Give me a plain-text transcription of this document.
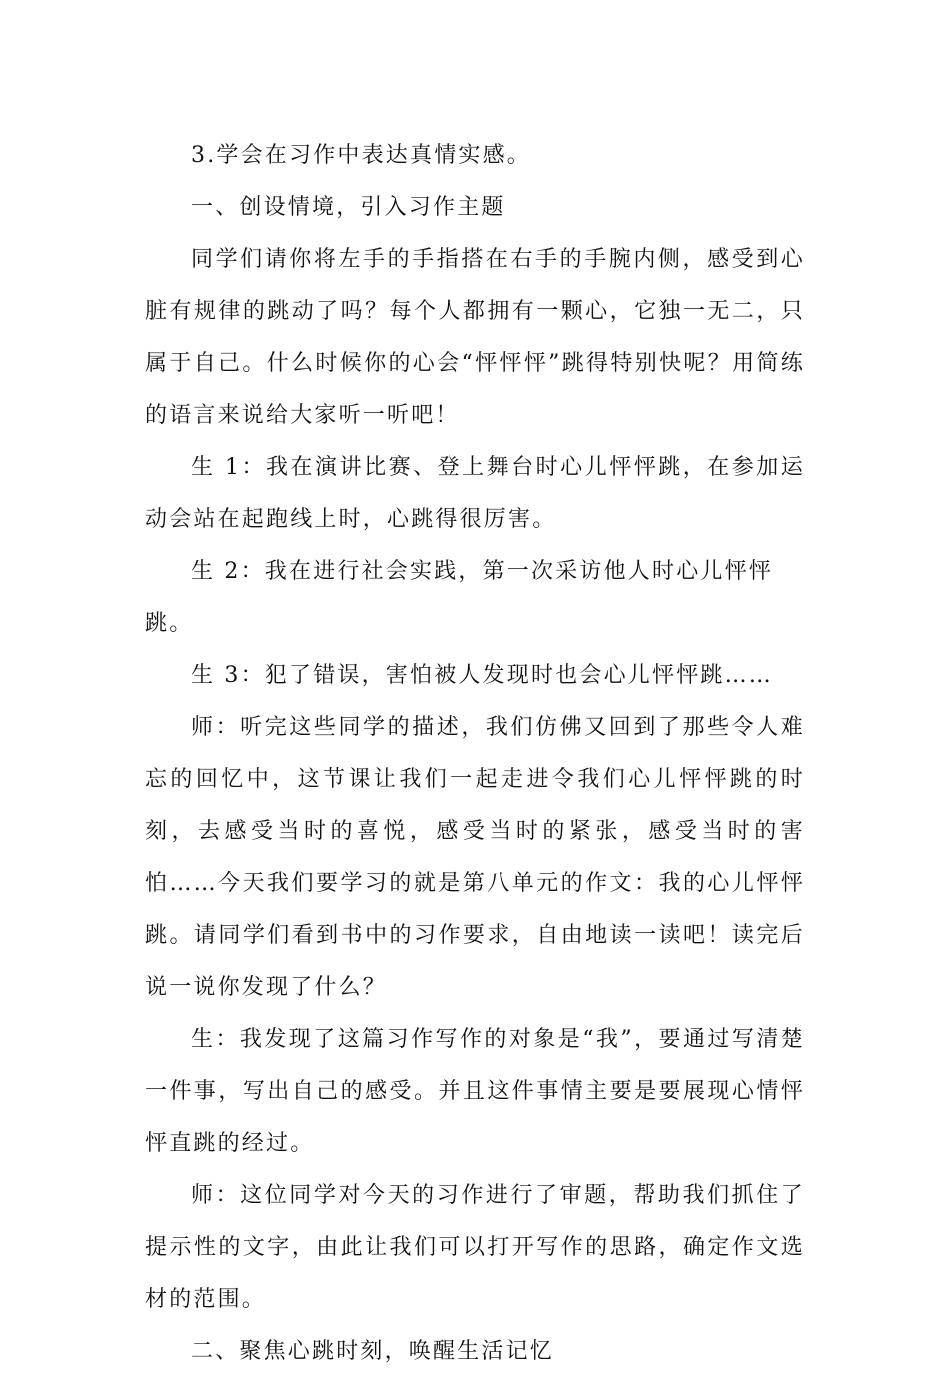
3.学会在习作中表达真情实感。

一、创设情境，引入习作主题

同学们请你将左手的手指搭在右手的手腕内侧，感受到心脏有规律的跳动了吗？每个人都拥有一颗心，它独一无二，只属于自己。什么时候你的心会“怦怦怦”跳得特别快呢？用简练的语言来说给大家听一听吧！

生 1：我在演讲比赛、登上舞台时心儿怦怦跳，在参加运动会站在起跑线上时，心跳得很厉害。

生 2：我在进行社会实践，第一次采访他人时心儿怦怦跳。

生 3：犯了错误，害怕被人发现时也会心儿怦怦跳……

师：听完这些同学的描述，我们仿佛又回到了那些令人难忘的回忆中，这节课让我们一起走进令我们心儿怦怦跳的时刻，去感受当时的喜悦，感受当时的紧张，感受当时的害怕……今天我们要学习的就是第八单元的作文：我的心儿怦怦跳。请同学们看到书中的习作要求，自由地读一读吧！读完后说一说你发现了什么？

生：我发现了这篇习作写作的对象是“我”，要通过写清楚一件事，写出自己的感受。并且这件事情主要是要展现心情怦怦直跳的经过。

师：这位同学对今天的习作进行了审题，帮助我们抓住了提示性的文字，由此让我们可以打开写作的思路，确定作文选材的范围。

二、聚焦心跳时刻，唤醒生活记忆
